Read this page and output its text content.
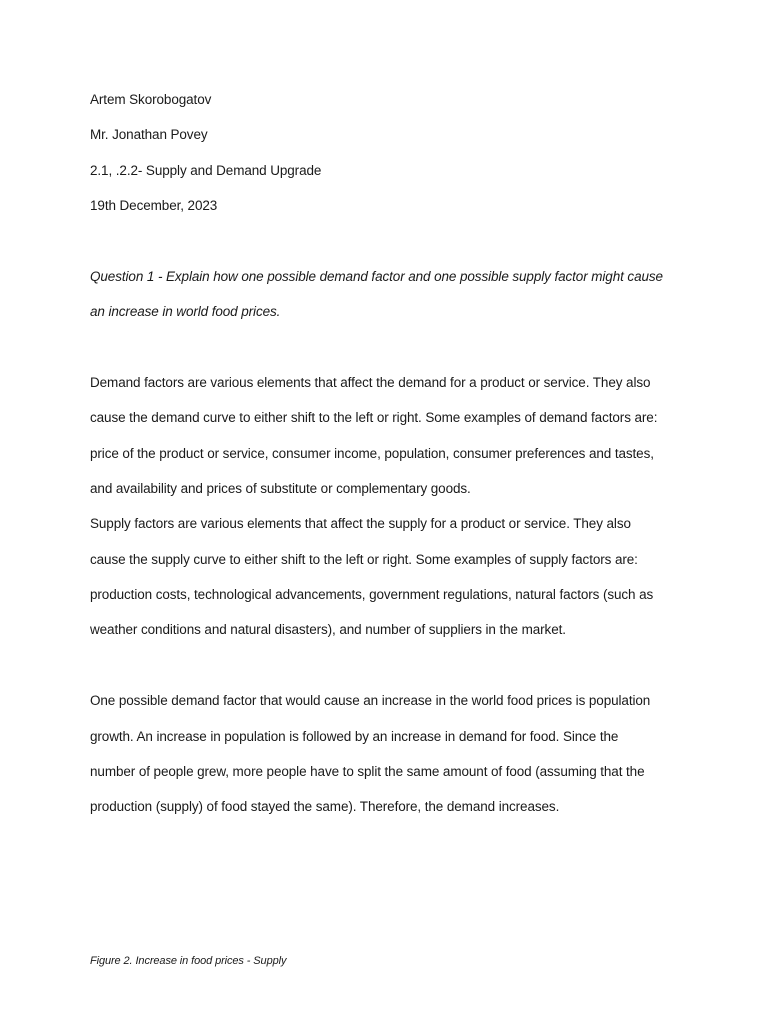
Artem Skorobogatov
Mr. Jonathan Povey
2.1, .2.2- Supply and Demand Upgrade
19th December, 2023
Question 1 - Explain how one possible demand factor and one possible supply factor might cause
an increase in world food prices.
Demand factors are various elements that affect the demand for a product or service. They also
cause the demand curve to either shift to the left or right. Some examples of demand factors are:
price of the product or service, consumer income, population, consumer preferences and tastes,
and availability and prices of substitute or complementary goods.
Supply factors are various elements that affect the supply for a product or service. They also
cause the supply curve to either shift to the left or right. Some examples of supply factors are:
production costs, technological advancements, government regulations, natural factors (such as
weather conditions and natural disasters), and number of suppliers in the market.
One possible demand factor that would cause an increase in the world food prices is population
growth. An increase in population is followed by an increase in demand for food. Since the
number of people grew, more people have to split the same amount of food (assuming that the
production (supply) of food stayed the same). Therefore, the demand increases.
Figure 2. Increase in food prices - Supply
